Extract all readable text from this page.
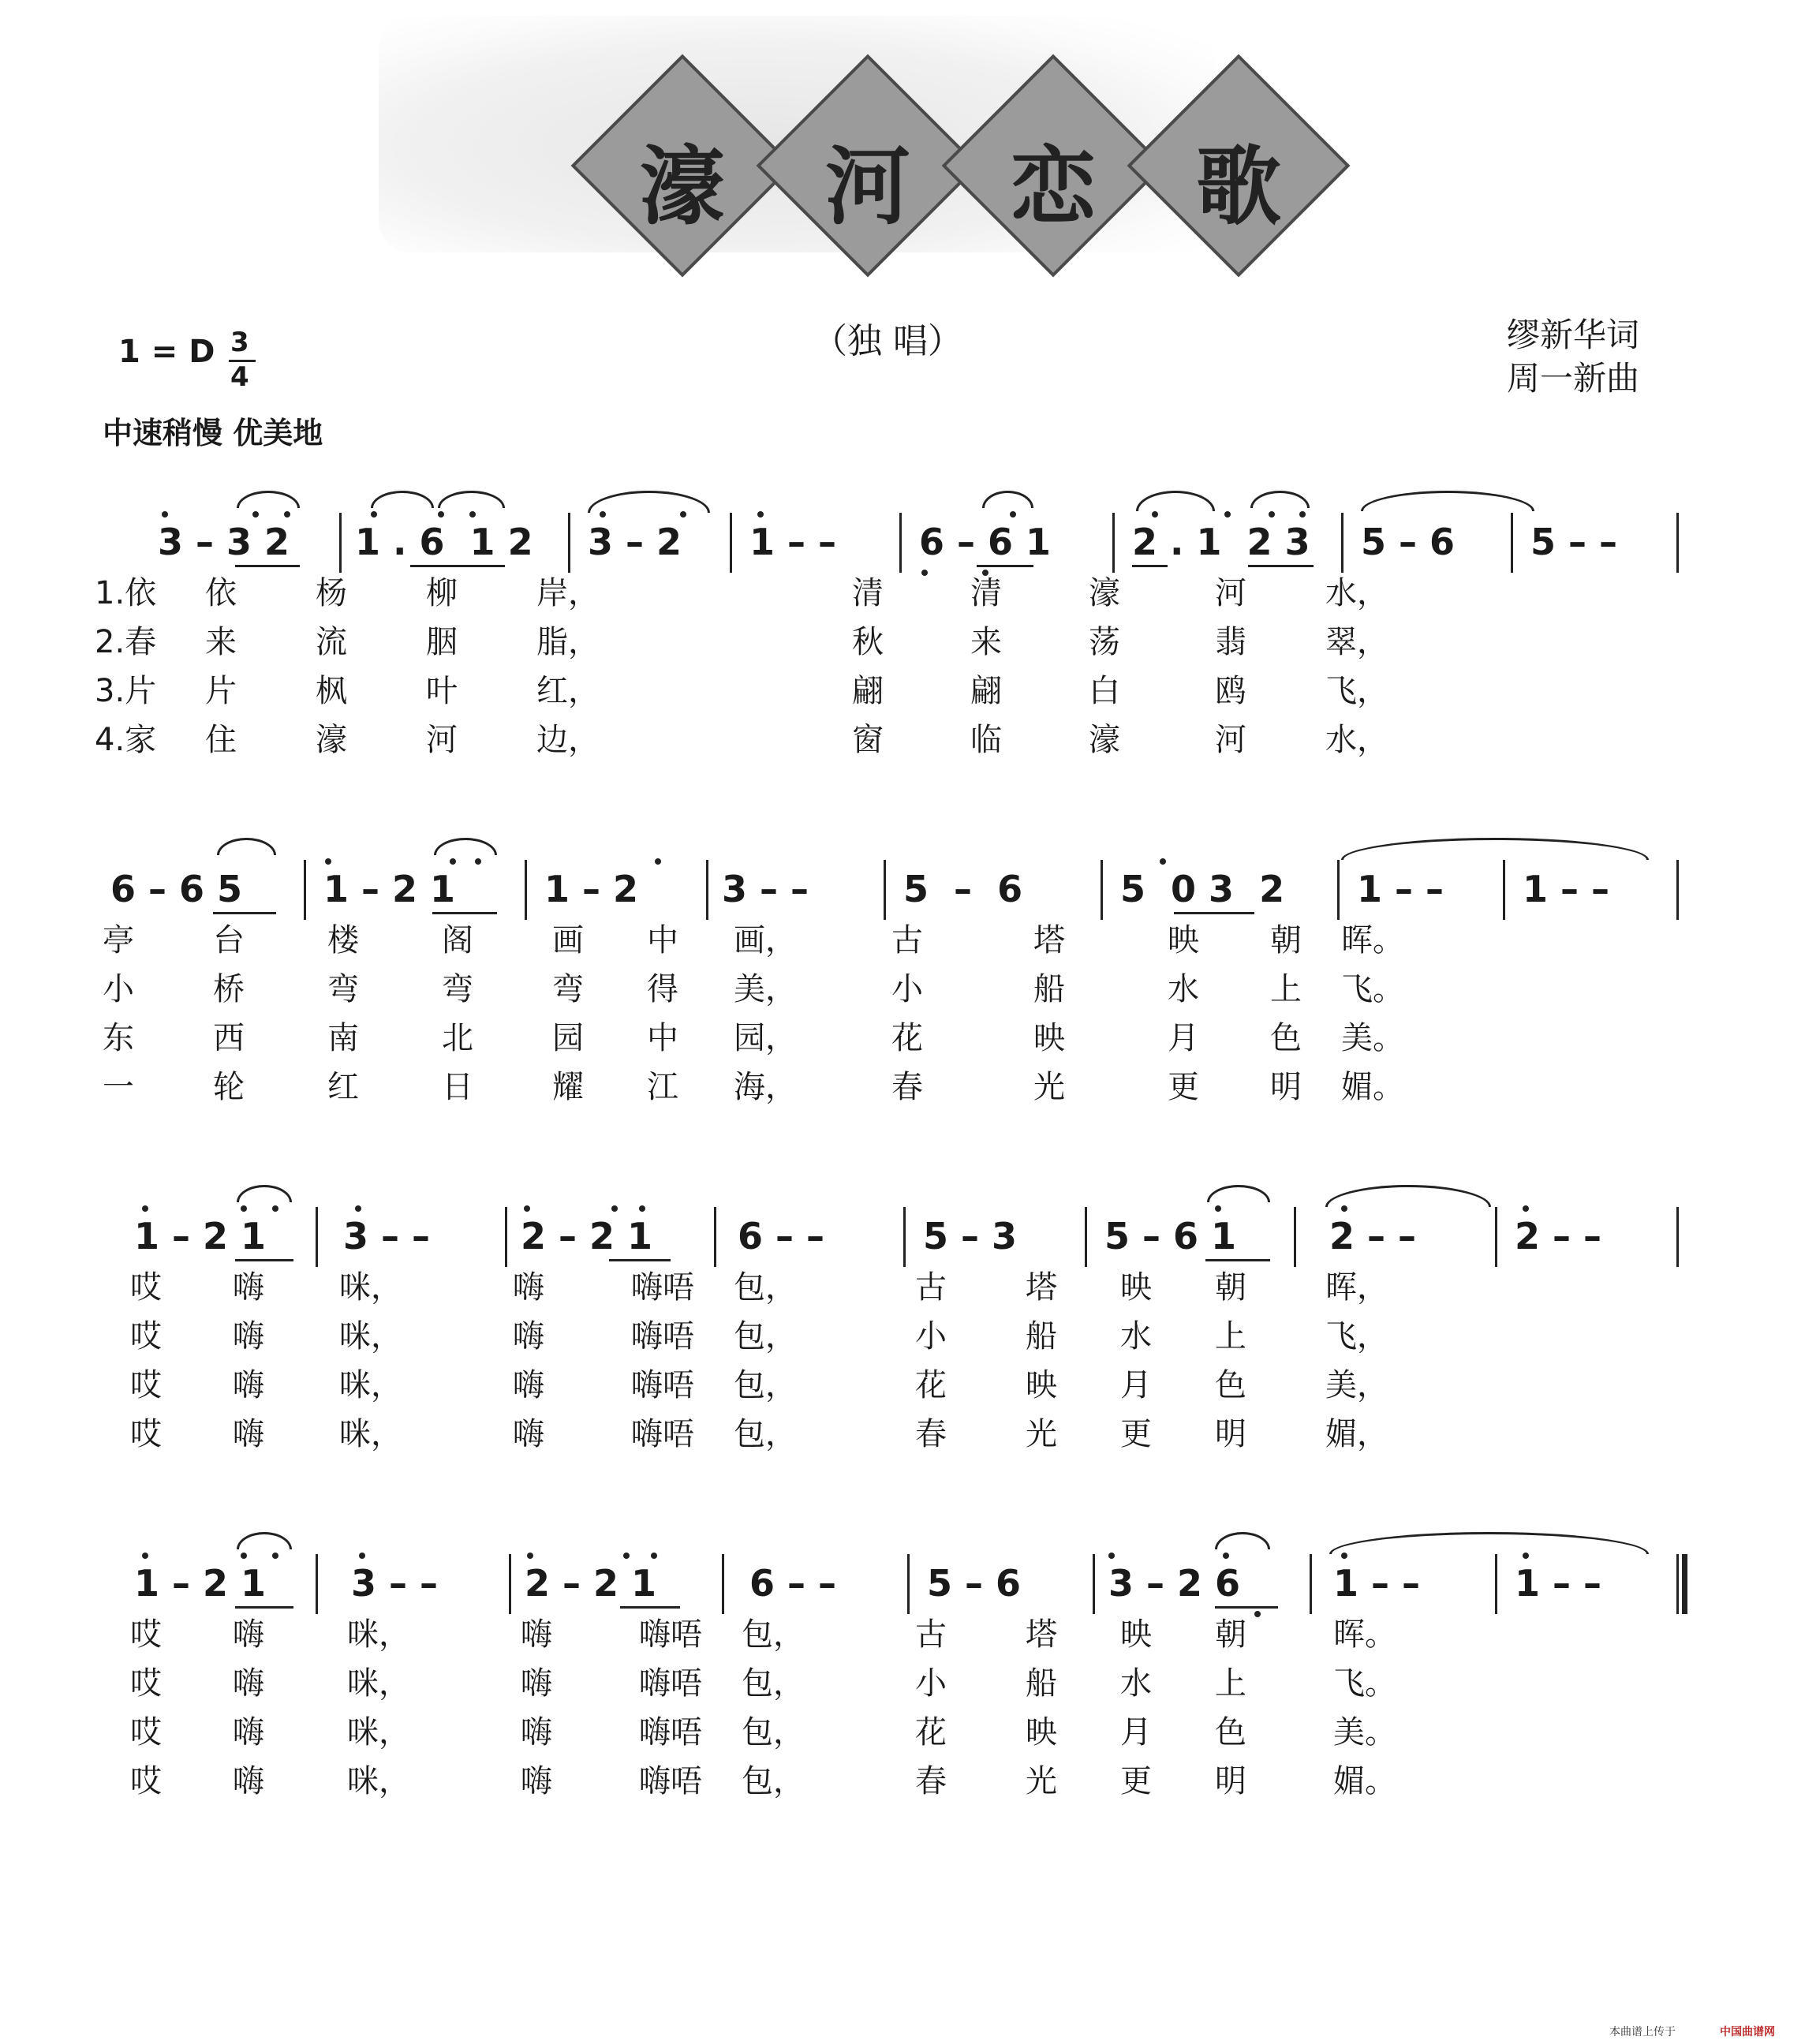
濠	河	恋	歌
1 = D 3
4
中速稍慢 优美地
（独 唱）	缪新华词
周一新曲
3 – 3 2 1 . 6  1 2 3 – 2 1 – – 6 – 6 1 2 . 1  2 3 5 – 6 5 – –
6 – 6 5 1 – 2 1 1 – 2 3 – –	5  –  6	5  0 3  2 1 – – 1 – –
1 – 2 1 3 – – 2 – 2 1 6 – –	5 – 3 5 – 6 1	2 – –	2 – –
1 – 2 1 3 – – 2 – 2 1	6 – – 5 – 6 3 – 2 6	1 – –	1 – –
1.依 依	杨	柳	岸，	清	清	濠	河	水，
2.春 来	流	胭	脂，	秋	来	荡	翡	翠，
3.片 片	枫	叶	红，	翩	翩	白	鸥	飞，
4.家 住	濠	河	边，	窗	临	濠	河	水，
亭	台	楼	阁	画 中 画，	古	塔	映 朝 晖。
小	桥	弯	弯	弯 得 美，	小	船	水 上 飞。
东	西	南	北	园 中 园，	花	映	月 色 美。
一	轮	红	日	耀 江 海，	春	光	更 明 媚。
哎 嗨 咪，	嗨	嗨唔 包，	古	塔 映 朝	晖，
哎 嗨 咪，	嗨	嗨唔 包，	小	船 水 上	飞，
哎 嗨 咪，	嗨	嗨唔 包，	花	映 月 色	美，
哎 嗨 咪，	嗨	嗨唔 包，	春	光 更 明	媚，
哎 嗨	咪，	嗨	嗨唔 包，	古	塔 映 朝	晖。
哎 嗨	咪，	嗨	嗨唔 包，	小	船 水 上	飞。
哎 嗨	咪，	嗨	嗨唔 包，	花	映 月 色	美。
哎 嗨	咪，	嗨	嗨唔 包，	春	光 更 明	媚。
本曲谱上传于	中国曲谱网
